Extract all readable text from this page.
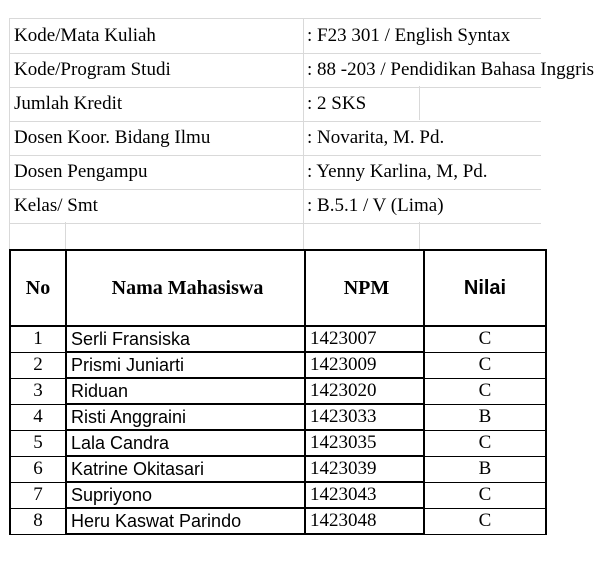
Kode/Mata Kuliah	: F23 301 / English Syntax
Kode/Program Studi	: 88 -203 / Pendidikan Bahasa Inggris
Jumlah Kredit	: 2 SKS
Dosen Koor. Bidang Ilmu	: Novarita, M. Pd.
Dosen Pengampu	: Yenny Karlina, M, Pd.
Kelas/ Smt	: B.5.1 / V (Lima)
No	Nama Mahasiswa	NPM	Nilai
1	Serli Fransiska	1423007	C
2	Prismi Juniarti	1423009	C
3	Riduan	1423020	C
4	Risti Anggraini	1423033	B
5	Lala Candra	1423035	C
6	Katrine Okitasari	1423039	B
7	Supriyono	1423043	C
8	Heru Kaswat Parindo	1423048	C
